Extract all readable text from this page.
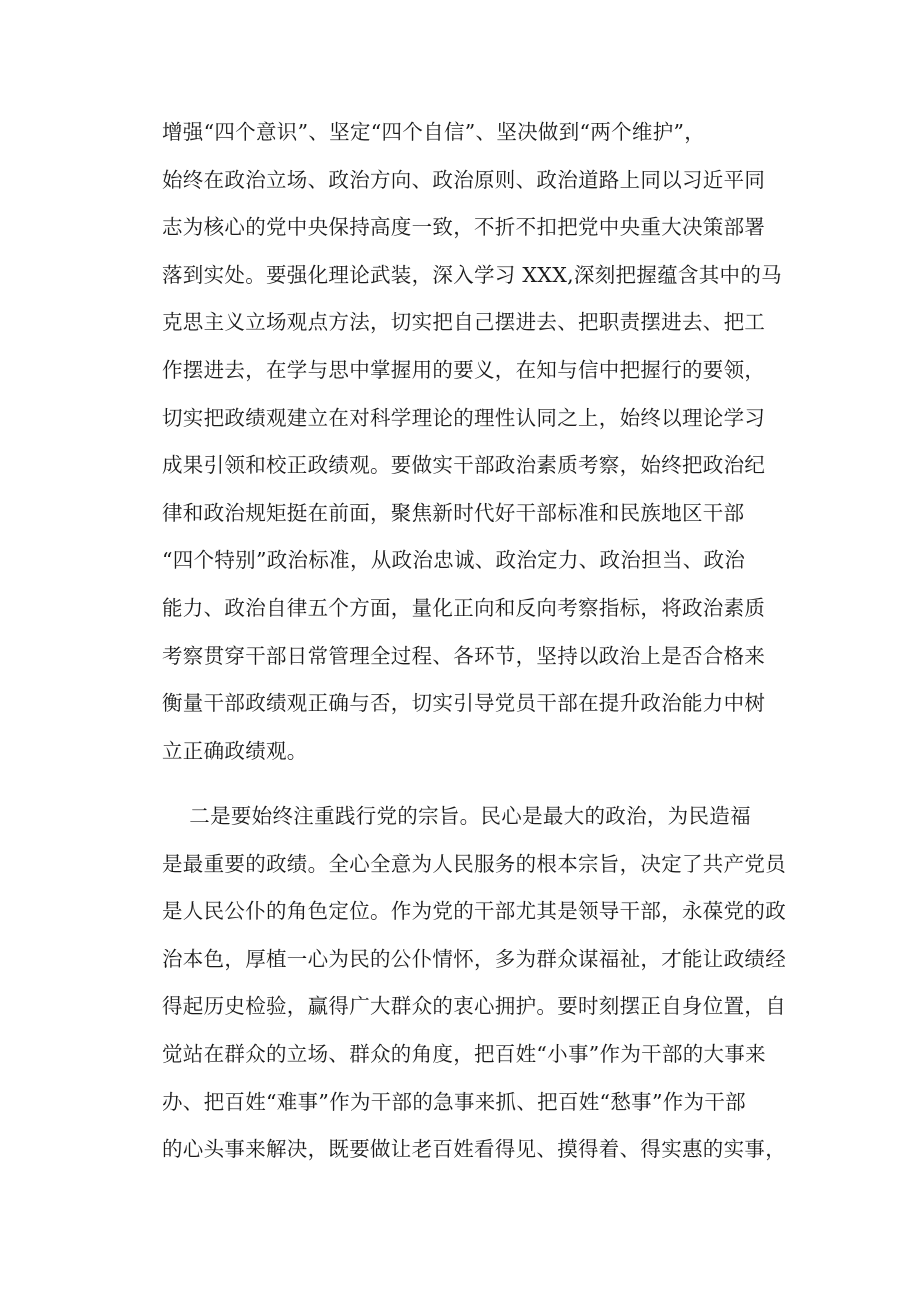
增强“四个意识”、坚定“四个自信”、坚决做到“两个维护”，
始终在政治立场、政治方向、政治原则、政治道路上同以习近平同
志为核心的党中央保持高度一致，不折不扣把党中央重大决策部署
落到实处。要强化理论武装，深入学习 XXX,深刻把握蕴含其中的马
克思主义立场观点方法，切实把自己摆进去、把职责摆进去、把工
作摆进去，在学与思中掌握用的要义，在知与信中把握行的要领，
切实把政绩观建立在对科学理论的理性认同之上，始终以理论学习
成果引领和校正政绩观。要做实干部政治素质考察，始终把政治纪
律和政治规矩挺在前面，聚焦新时代好干部标准和民族地区干部
“四个特别”政治标准，从政治忠诚、政治定力、政治担当、政治
能力、政治自律五个方面，量化正向和反向考察指标，将政治素质
考察贯穿干部日常管理全过程、各环节，坚持以政治上是否合格来
衡量干部政绩观正确与否，切实引导党员干部在提升政治能力中树
立正确政绩观。
二是要始终注重践行党的宗旨。民心是最大的政治，为民造福
是最重要的政绩。全心全意为人民服务的根本宗旨，决定了共产党员
是人民公仆的角色定位。作为党的干部尤其是领导干部，永葆党的政
治本色，厚植一心为民的公仆情怀，多为群众谋福祉，才能让政绩经
得起历史检验，赢得广大群众的衷心拥护。要时刻摆正自身位置，自
觉站在群众的立场、群众的角度，把百姓“小事”作为干部的大事来
办、把百姓“难事”作为干部的急事来抓、把百姓“愁事”作为干部
的心头事来解决，既要做让老百姓看得见、摸得着、得实惠的实事，
